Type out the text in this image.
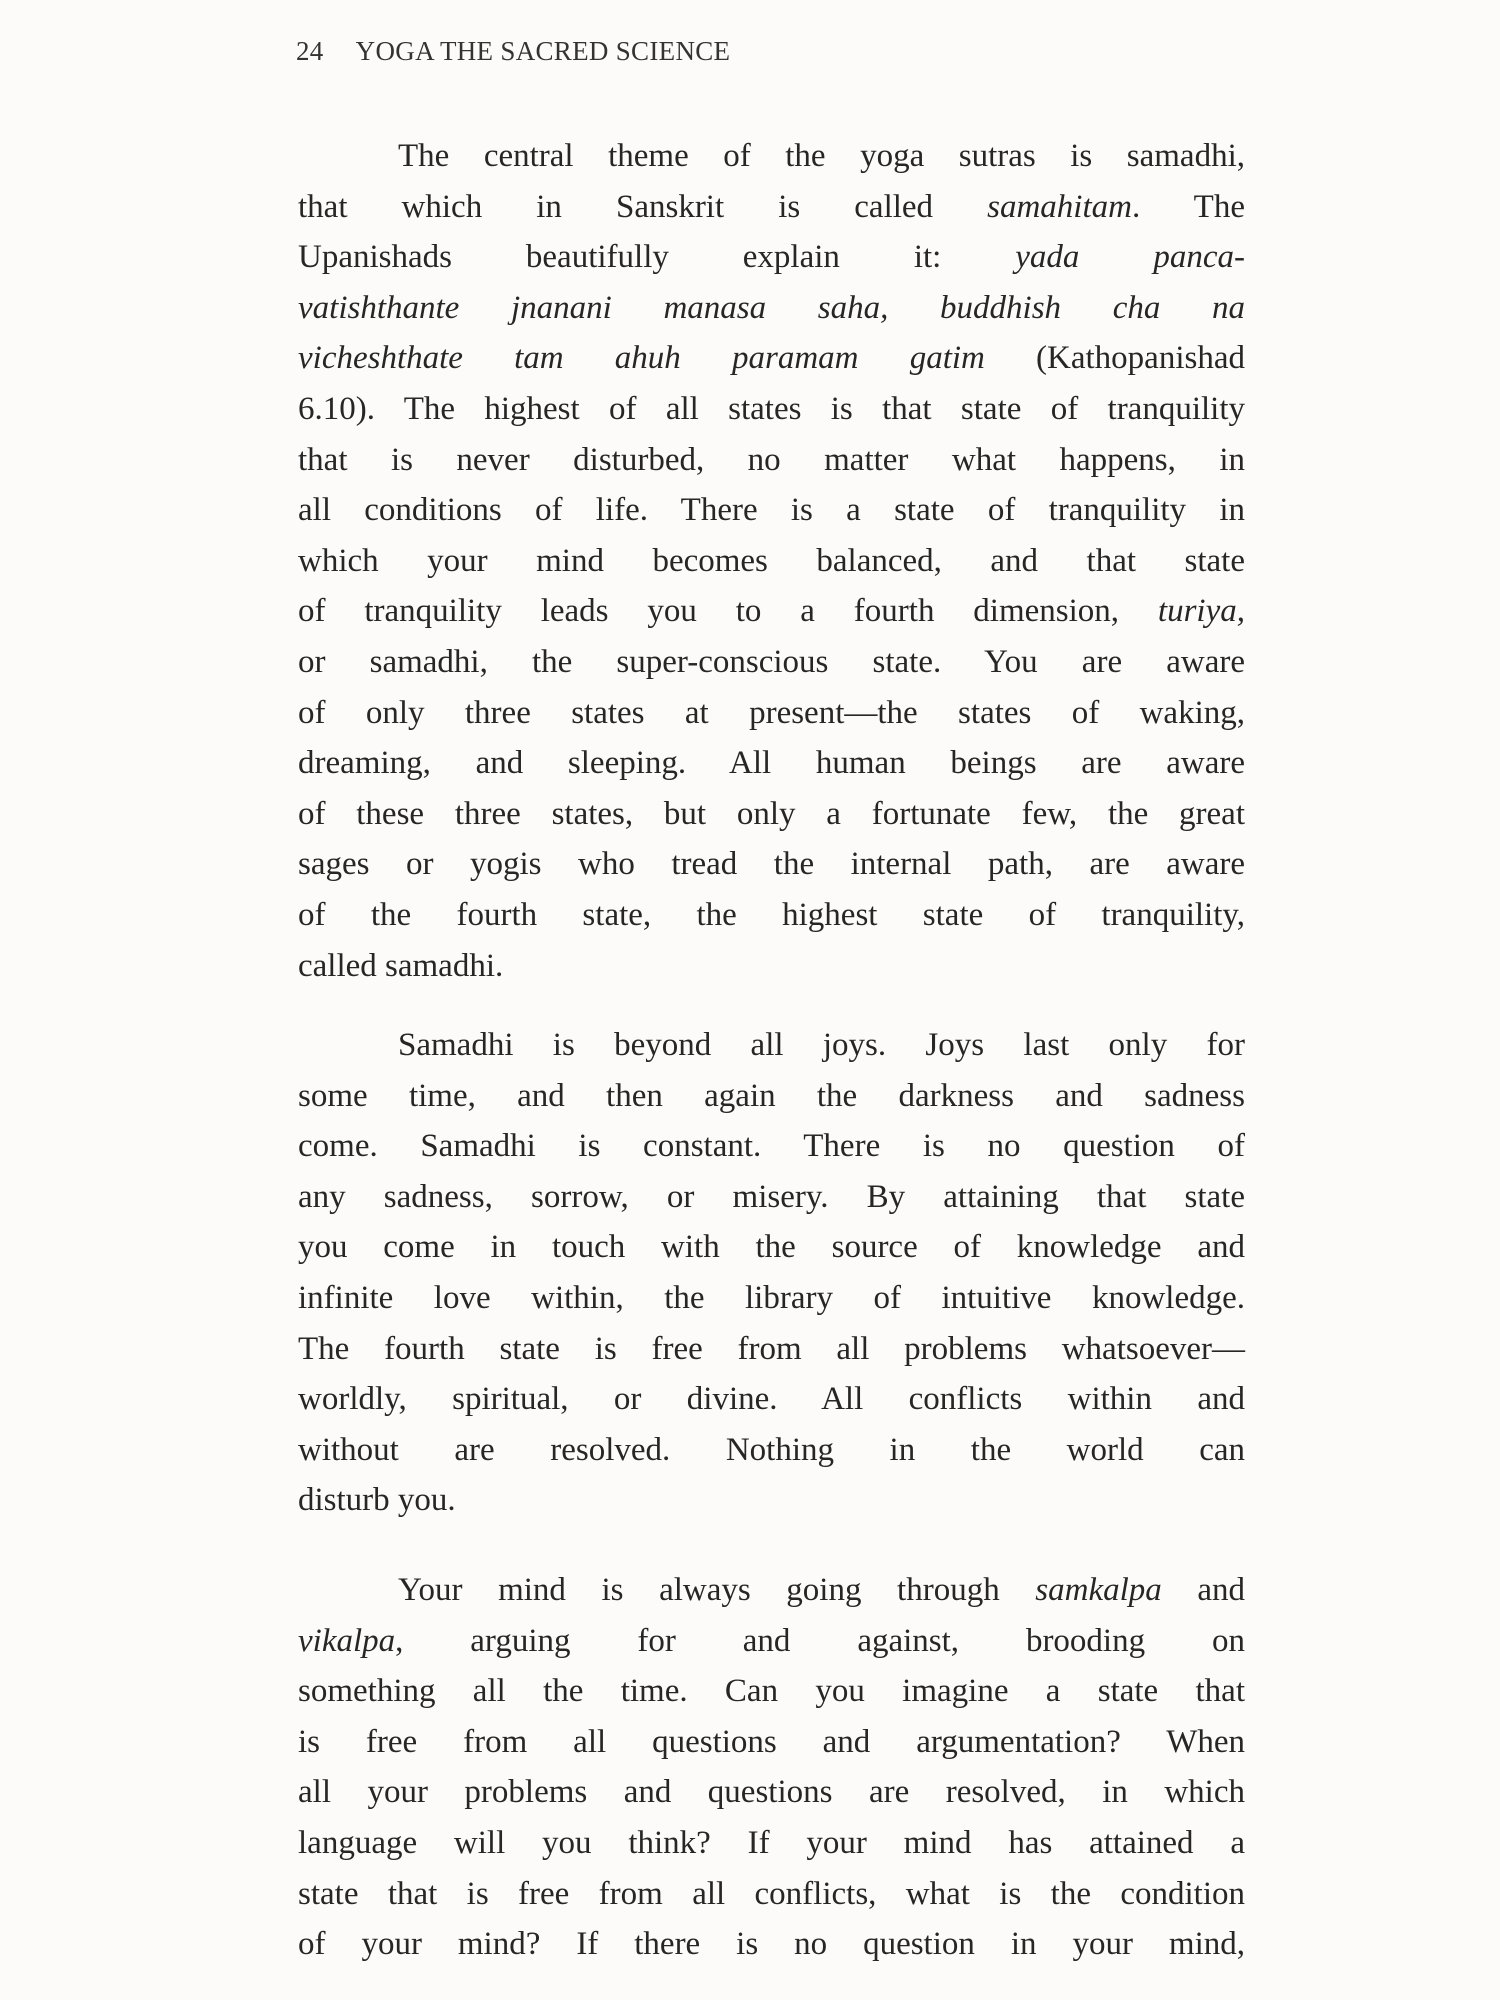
24 YOGA THE SACRED SCIENCE
The central theme of the yoga sutras is samadhi,
that which in Sanskrit is called samahitam. The
Upanishads beautifully explain it: yada panca-
vatishthante jnanani manasa saha, buddhish cha na
vicheshthate tam ahuh paramam gatim (Kathopanishad
6.10). The highest of all states is that state of tranquility
that is never disturbed, no matter what happens, in
all conditions of life. There is a state of tranquility in
which your mind becomes balanced, and that state
of tranquility leads you to a fourth dimension, turiya,
or samadhi, the super-conscious state. You are aware
of only three states at present—the states of waking,
dreaming, and sleeping. All human beings are aware
of these three states, but only a fortunate few, the great
sages or yogis who tread the internal path, are aware
of the fourth state, the highest state of tranquility,
called samadhi.
Samadhi is beyond all joys. Joys last only for
some time, and then again the darkness and sadness
come. Samadhi is constant. There is no question of
any sadness, sorrow, or misery. By attaining that state
you come in touch with the source of knowledge and
infinite love within, the library of intuitive knowledge.
The fourth state is free from all problems whatsoever—
worldly, spiritual, or divine. All conflicts within and
without are resolved. Nothing in the world can
disturb you.
Your mind is always going through samkalpa and
vikalpa, arguing for and against, brooding on
something all the time. Can you imagine a state that
is free from all questions and argumentation? When
all your problems and questions are resolved, in which
language will you think? If your mind has attained a
state that is free from all conflicts, what is the condition
of your mind? If there is no question in your mind,
